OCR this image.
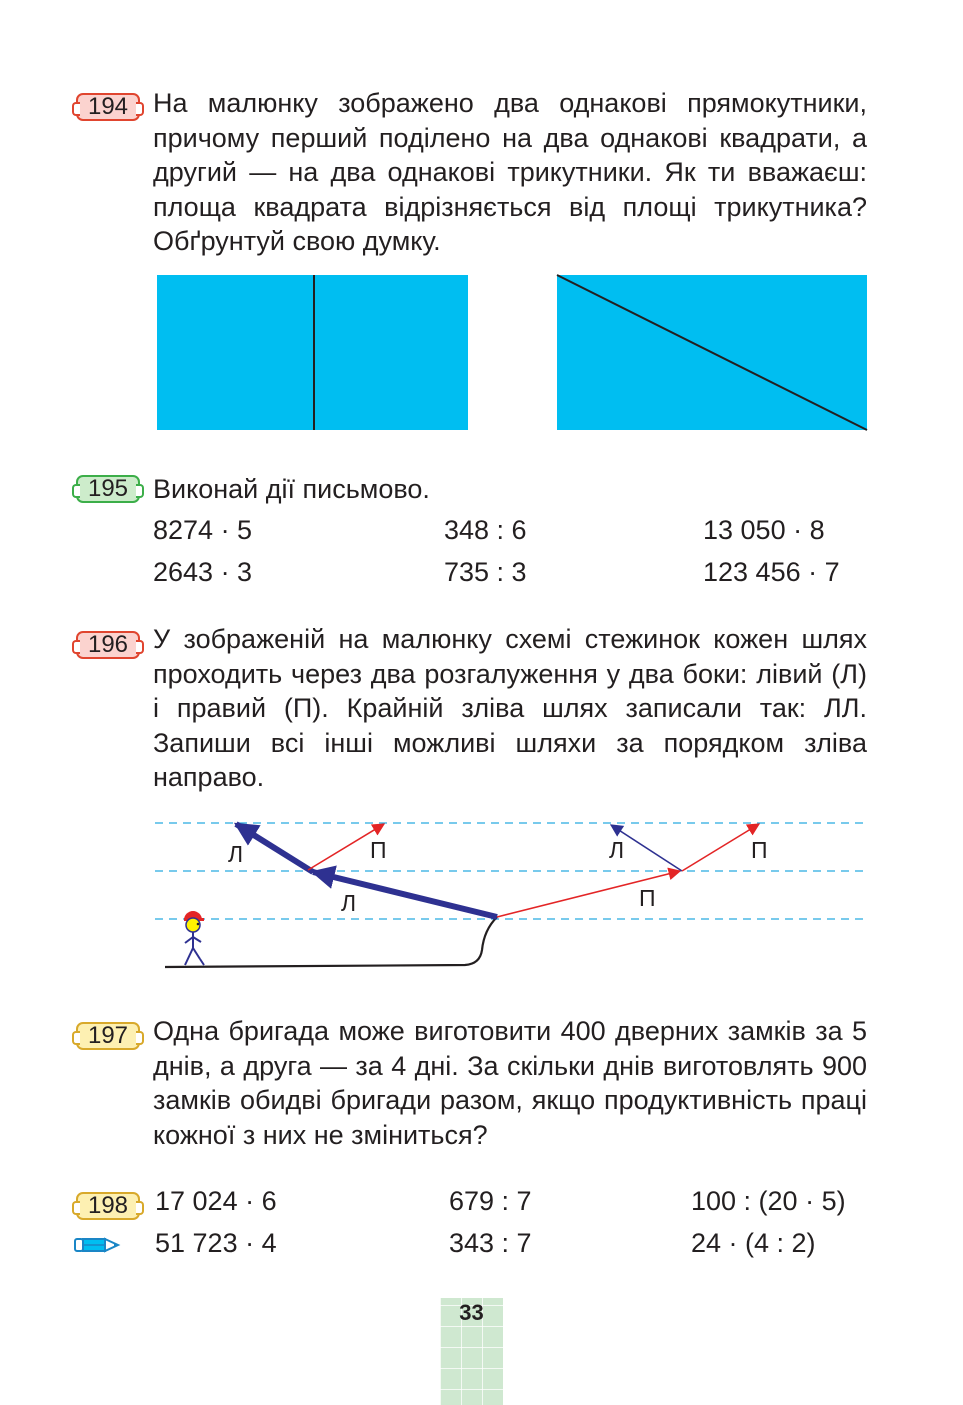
194 На малюнку зображено два однакові прямокутники, причому перший поділено на два однакові квадрати, а другий — на два однакові трикутники. Як ти вважаєш: площа квадрата відрізняється від площі трикутника? Обґрунтуй свою думку.

195 Виконай дії письмово.

8274 · 5	348 : 6	13 050 · 8
2643 · 3	735 : 3	123 456 · 7
196 У зображеній на малюнку схемі стежинок кожен шлях проходить через два розгалуження у два боки: лівий (Л) і правий (П). Крайній зліва шлях записали так: ЛЛ. Запиши всі інші можливі шляхи за порядком зліва направо.

Л	П
Л
Л	П
П
197 Одна бригада може виготовити 400 дверних замків за 5 днів, а друга — за 4 дні. За скільки днів виготовлять 900 замків обидві бригади разом, якщо продуктивність праці кожної з них не зміниться?

198 17 024 · 6	679 : 7	100 : (20 · 5)
51 723 · 4	343 : 7	24 · (4 : 2)
33
